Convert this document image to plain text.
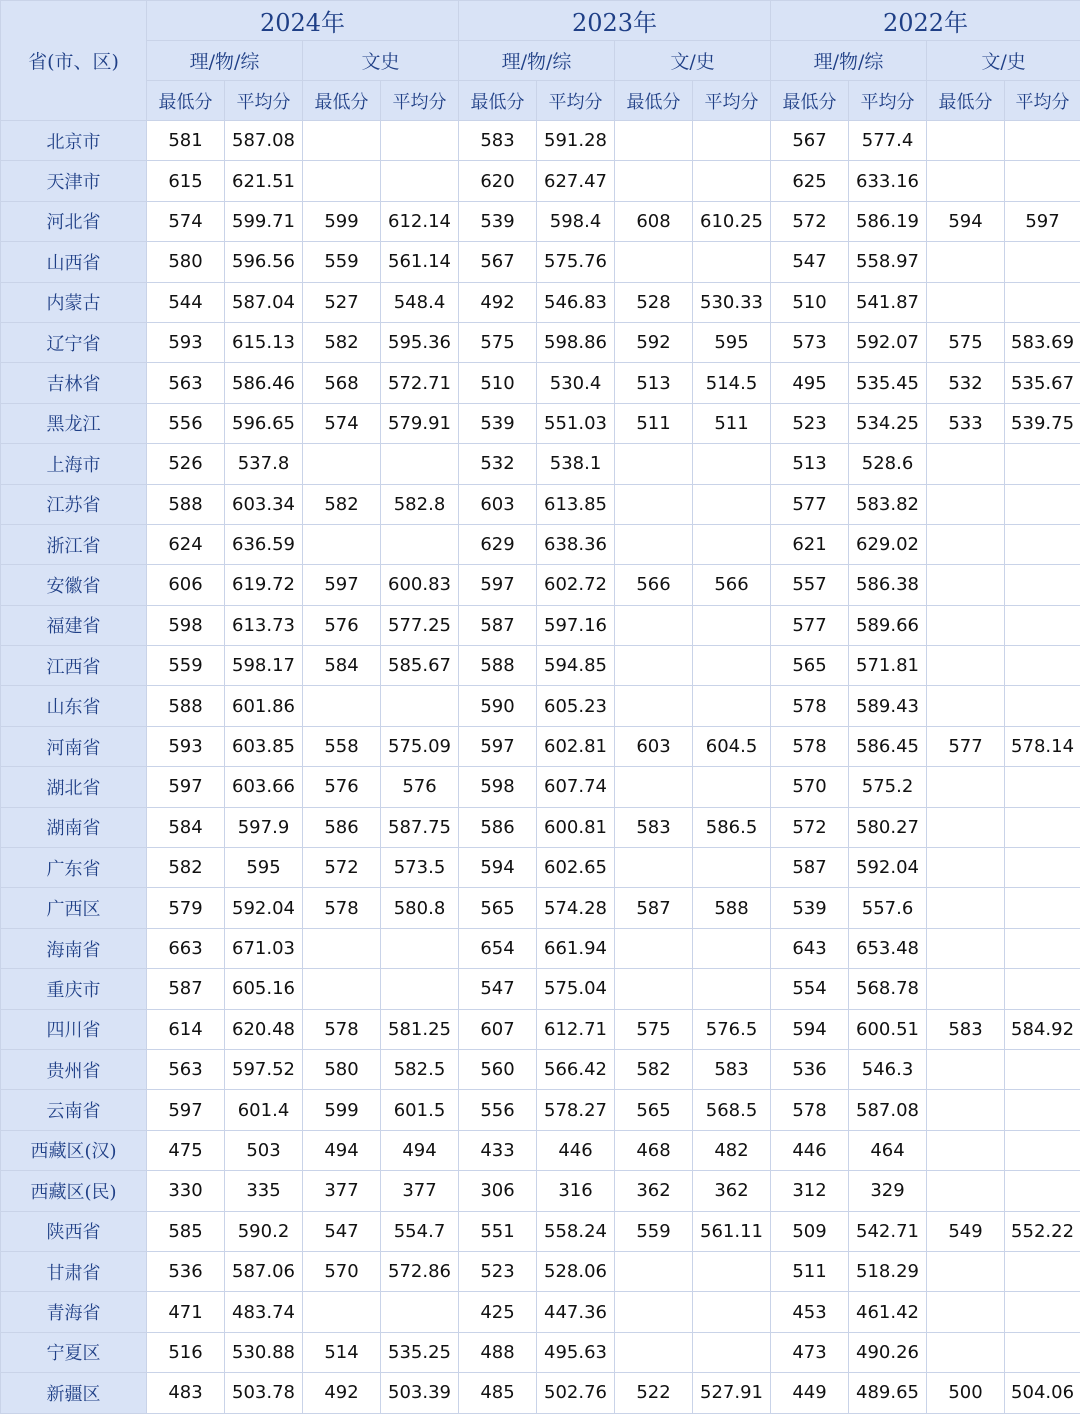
省(市、区)	2024年				2023年				2022年			
	理/物/综		文史		理/物/综		文/史		理/物/综		文/史	
	最低分	平均分	最低分	平均分	最低分	平均分	最低分	平均分	最低分	平均分	最低分	平均分
北京市	581	587.08			583	591.28			567	577.4		
天津市	615	621.51			620	627.47			625	633.16		
河北省	574	599.71	599	612.14	539	598.4	608	610.25	572	586.19	594	597
山西省	580	596.56	559	561.14	567	575.76			547	558.97		
内蒙古	544	587.04	527	548.4	492	546.83	528	530.33	510	541.87		
辽宁省	593	615.13	582	595.36	575	598.86	592	595	573	592.07	575	583.69
吉林省	563	586.46	568	572.71	510	530.4	513	514.5	495	535.45	532	535.67
黑龙江	556	596.65	574	579.91	539	551.03	511	511	523	534.25	533	539.75
上海市	526	537.8			532	538.1			513	528.6		
江苏省	588	603.34	582	582.8	603	613.85			577	583.82		
浙江省	624	636.59			629	638.36			621	629.02		
安徽省	606	619.72	597	600.83	597	602.72	566	566	557	586.38		
福建省	598	613.73	576	577.25	587	597.16			577	589.66		
江西省	559	598.17	584	585.67	588	594.85			565	571.81		
山东省	588	601.86			590	605.23			578	589.43		
河南省	593	603.85	558	575.09	597	602.81	603	604.5	578	586.45	577	578.14
湖北省	597	603.66	576	576	598	607.74			570	575.2		
湖南省	584	597.9	586	587.75	586	600.81	583	586.5	572	580.27		
广东省	582	595	572	573.5	594	602.65			587	592.04		
广西区	579	592.04	578	580.8	565	574.28	587	588	539	557.6		
海南省	663	671.03			654	661.94			643	653.48		
重庆市	587	605.16			547	575.04			554	568.78		
四川省	614	620.48	578	581.25	607	612.71	575	576.5	594	600.51	583	584.92
贵州省	563	597.52	580	582.5	560	566.42	582	583	536	546.3		
云南省	597	601.4	599	601.5	556	578.27	565	568.5	578	587.08		
西藏区(汉)	475	503	494	494	433	446	468	482	446	464		
西藏区(民)	330	335	377	377	306	316	362	362	312	329		
陕西省	585	590.2	547	554.7	551	558.24	559	561.11	509	542.71	549	552.22
甘肃省	536	587.06	570	572.86	523	528.06			511	518.29		
青海省	471	483.74			425	447.36			453	461.42		
宁夏区	516	530.88	514	535.25	488	495.63			473	490.26		
新疆区	483	503.78	492	503.39	485	502.76	522	527.91	449	489.65	500	504.06
